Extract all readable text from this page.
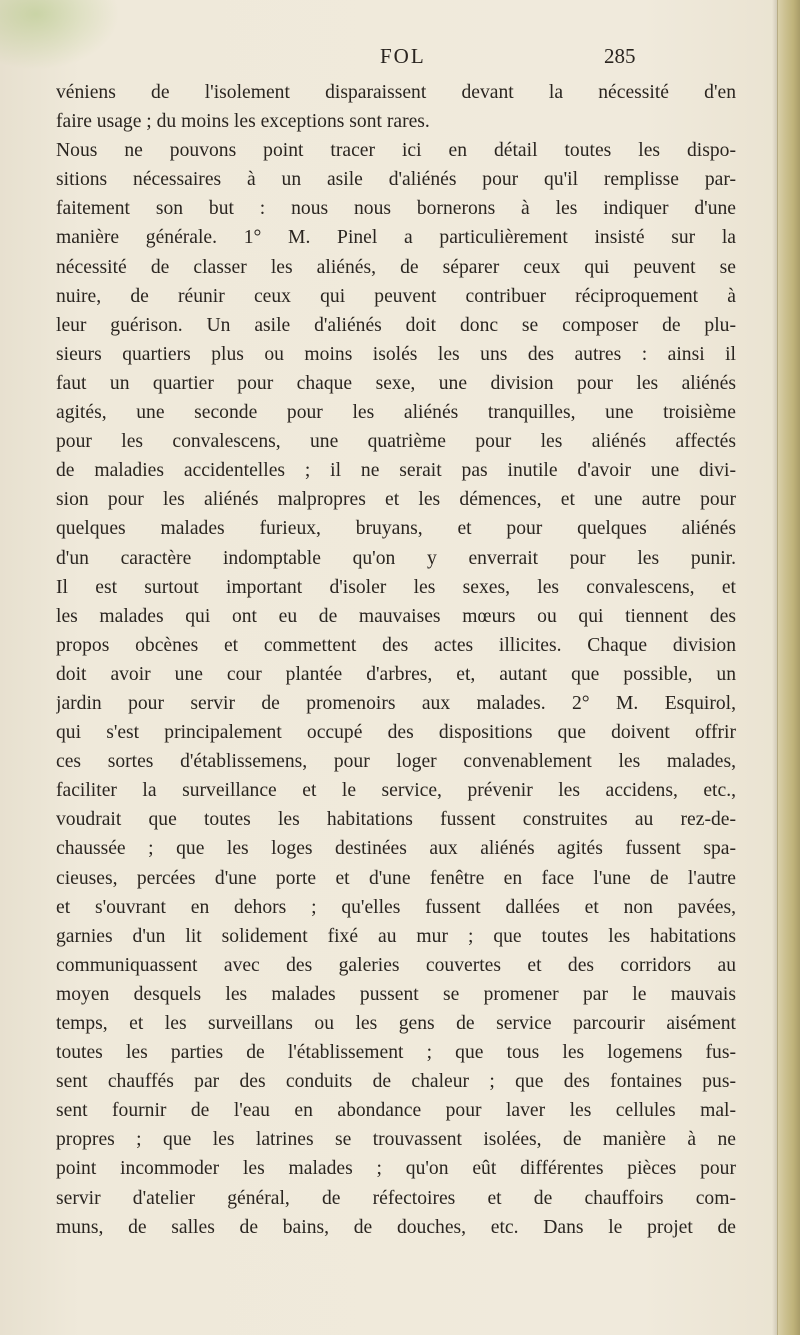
FOL	285
véniens de l'isolement disparaissent devant la nécessité d'en
faire usage ; du moins les exceptions sont rares.
Nous ne pouvons point tracer ici en détail toutes les dispo-
sitions nécessaires à un asile d'aliénés pour qu'il remplisse par-
faitement son but : nous nous bornerons à les indiquer d'une
manière générale. 1° M. Pinel a particulièrement insisté sur la
nécessité de classer les aliénés, de séparer ceux qui peuvent se
nuire, de réunir ceux qui peuvent contribuer réciproquement à
leur guérison. Un asile d'aliénés doit donc se composer de plu-
sieurs quartiers plus ou moins isolés les uns des autres : ainsi il
faut un quartier pour chaque sexe, une division pour les aliénés
agités, une seconde pour les aliénés tranquilles, une troisième
pour les convalescens, une quatrième pour les aliénés affectés
de maladies accidentelles ; il ne serait pas inutile d'avoir une divi-
sion pour les aliénés malpropres et les démences, et une autre pour
quelques malades furieux, bruyans, et pour quelques aliénés
d'un caractère indomptable qu'on y enverrait pour les punir.
Il est surtout important d'isoler les sexes, les convalescens, et
les malades qui ont eu de mauvaises mœurs ou qui tiennent des
propos obcènes et commettent des actes illicites. Chaque division
doit avoir une cour plantée d'arbres, et, autant que possible, un
jardin pour servir de promenoirs aux malades. 2° M. Esquirol,
qui s'est principalement occupé des dispositions que doivent offrir
ces sortes d'établissemens, pour loger convenablement les malades,
faciliter la surveillance et le service, prévenir les accidens, etc.,
voudrait que toutes les habitations fussent construites au rez-de-
chaussée ; que les loges destinées aux aliénés agités fussent spa-
cieuses, percées d'une porte et d'une fenêtre en face l'une de l'autre
et s'ouvrant en dehors ; qu'elles fussent dallées et non pavées,
garnies d'un lit solidement fixé au mur ; que toutes les habitations
communiquassent avec des galeries couvertes et des corridors au
moyen desquels les malades pussent se promener par le mauvais
temps, et les surveillans ou les gens de service parcourir aisément
toutes les parties de l'établissement ; que tous les logemens fus-
sent chauffés par des conduits de chaleur ; que des fontaines pus-
sent fournir de l'eau en abondance pour laver les cellules mal-
propres ; que les latrines se trouvassent isolées, de manière à ne
point incommoder les malades ; qu'on eût différentes pièces pour
servir d'atelier général, de réfectoires et de chauffoirs com-
muns, de salles de bains, de douches, etc. Dans le projet de
